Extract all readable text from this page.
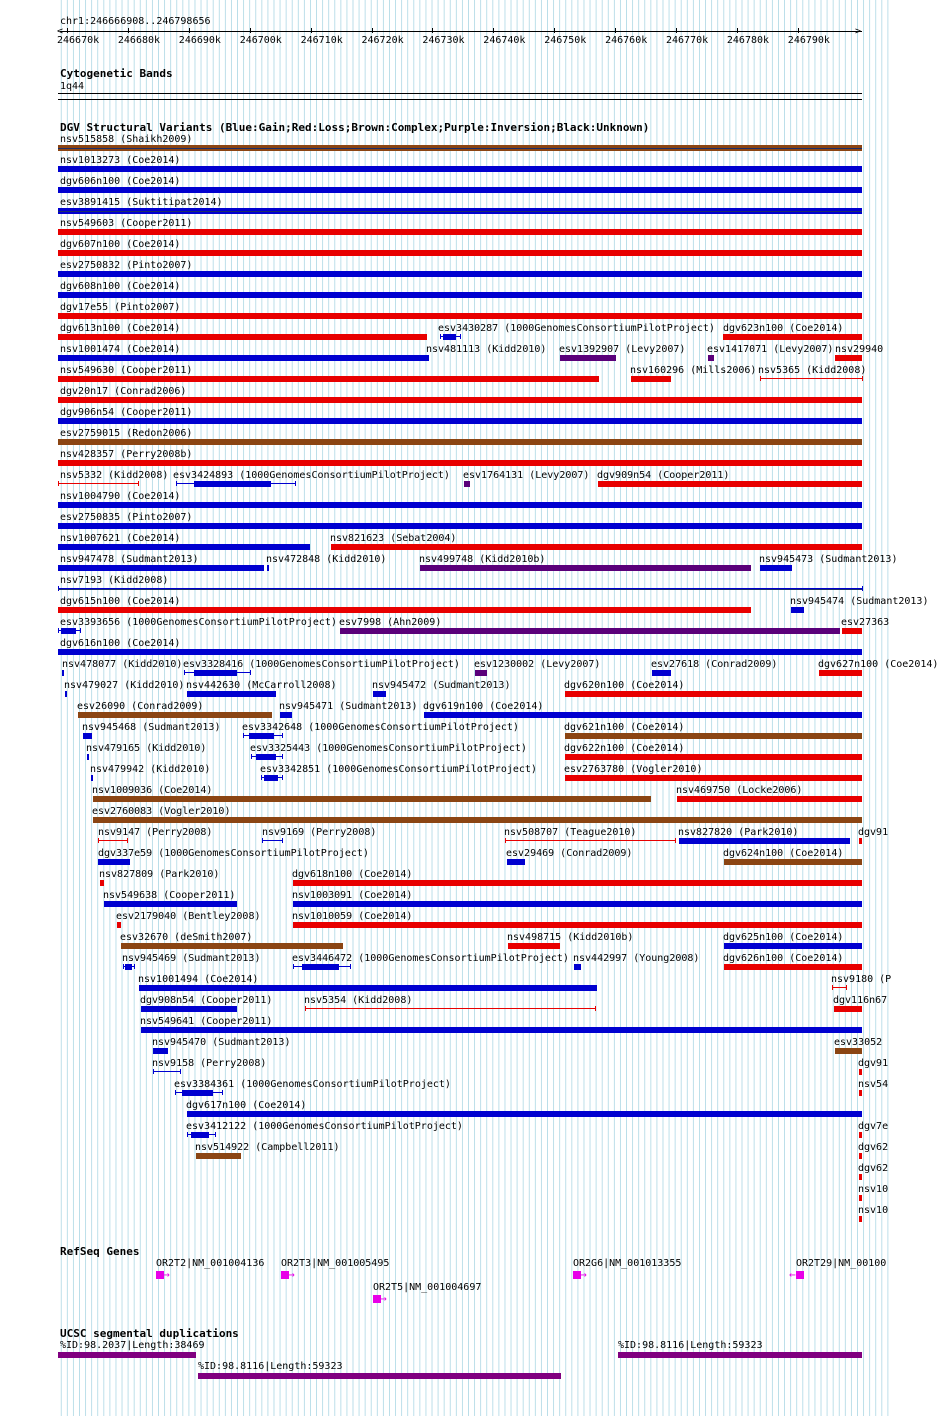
chr1:246666908..246798656
<	>
246670k 246680k 246690k 246700k 246710k 246720k 246730k 246740k 246750k 246760k 246770k 246780k 246790k
Cytogenetic Bands
1q44
DGV Structural Variants (Blue:Gain;Red:Loss;Brown:Complex;Purple:Inversion;Black:Unknown)
nsv515858 (Shaikh2009)
nsv1013273 (Coe2014)
dgv606n100 (Coe2014)
esv3891415 (Suktitipat2014)
nsv549603 (Cooper2011)
dgv607n100 (Coe2014)
esv2750832 (Pinto2007)
dgv608n100 (Coe2014)
dgv17e55 (Pinto2007)
dgv613n100 (Coe2014)	esv3430287 (1000GenomesConsortiumPilotProject) dgv623n100 (Coe2014)
nsv1001474 (Coe2014)	nsv481113 (Kidd2010) esv1392907 (Levy2007) esv1417071 (Levy2007) nsv29940
nsv549630 (Cooper2011)	nsv160296 (Mills2006) nsv5365 (Kidd2008)
dgv20n17 (Conrad2006)
dgv906n54 (Cooper2011)
esv2759015 (Redon2006)
nsv428357 (Perry2008b)
nsv5332 (Kidd2008) esv3424893 (1000GenomesConsortiumPilotProject) esv1764131 (Levy2007) dgv909n54 (Cooper2011)
nsv1004790 (Coe2014)
esv2750835 (Pinto2007)
nsv1007621 (Coe2014)	nsv821623 (Sebat2004)
nsv947478 (Sudmant2013)	nsv472848 (Kidd2010)	nsv499748 (Kidd2010b)	nsv945473 (Sudmant2013)
nsv7193 (Kidd2008)
dgv615n100 (Coe2014)	nsv945474 (Sudmant2013)
esv3393656 (1000GenomesConsortiumPilotProject) esv7998 (Ahn2009)	esv27363
dgv616n100 (Coe2014)
nsv478077 (Kidd2010) esv3328416 (1000GenomesConsortiumPilotProject) esv1230002 (Levy2007)	esv27618 (Conrad2009)	dgv627n100 (Coe2014)
nsv479027 (Kidd2010) nsv442630 (McCarroll2008)	nsv945472 (Sudmant2013)	dgv620n100 (Coe2014)
esv26090 (Conrad2009)	nsv945471 (Sudmant2013) dgv619n100 (Coe2014)
nsv945468 (Sudmant2013) esv3342648 (1000GenomesConsortiumPilotProject)	dgv621n100 (Coe2014)
nsv479165 (Kidd2010)	esv3325443 (1000GenomesConsortiumPilotProject)	dgv622n100 (Coe2014)
nsv479942 (Kidd2010)	esv3342851 (1000GenomesConsortiumPilotProject)	esv2763780 (Vogler2010)
nsv1009036 (Coe2014)	nsv469750 (Locke2006)
esv2760083 (Vogler2010)
nsv9147 (Perry2008)	nsv9169 (Perry2008)	nsv508707 (Teague2010)	nsv827820 (Park2010)	dgv91
dgv337e59 (1000GenomesConsortiumPilotProject)	esv29469 (Conrad2009)	dgv624n100 (Coe2014)
nsv827809 (Park2010)	dgv618n100 (Coe2014)
nsv549638 (Cooper2011)	nsv1003091 (Coe2014)
esv2179040 (Bentley2008)	nsv1010059 (Coe2014)
esv32670 (deSmith2007)	nsv498715 (Kidd2010b)	dgv625n100 (Coe2014)
nsv945469 (Sudmant2013)	esv3446472 (1000GenomesConsortiumPilotProject) nsv442997 (Young2008) dgv626n100 (Coe2014)
nsv1001494 (Coe2014)	nsv9180 (P
dgv908n54 (Cooper2011)	nsv5354 (Kidd2008)	dgv116n67
nsv549641 (Cooper2011)
nsv945470 (Sudmant2013)	esv33052
nsv9158 (Perry2008)	dgv91
esv3384361 (1000GenomesConsortiumPilotProject)	nsv54
dgv617n100 (Coe2014)
esv3412122 (1000GenomesConsortiumPilotProject)	dgv7e
nsv514922 (Campbell2011)	dgv62
dgv62
nsv10
nsv10
RefSeq Genes
OR2T2|NM_001004136
→
OR2T3|NM_001005495
→
OR2T5|NM_001004697
→
OR2G6|NM_001013355
→
OR2T29|NM_00100
←
UCSC segmental duplications
%ID:98.2037|Length:38469	%ID:98.8116|Length:59323
%ID:98.8116|Length:59323
